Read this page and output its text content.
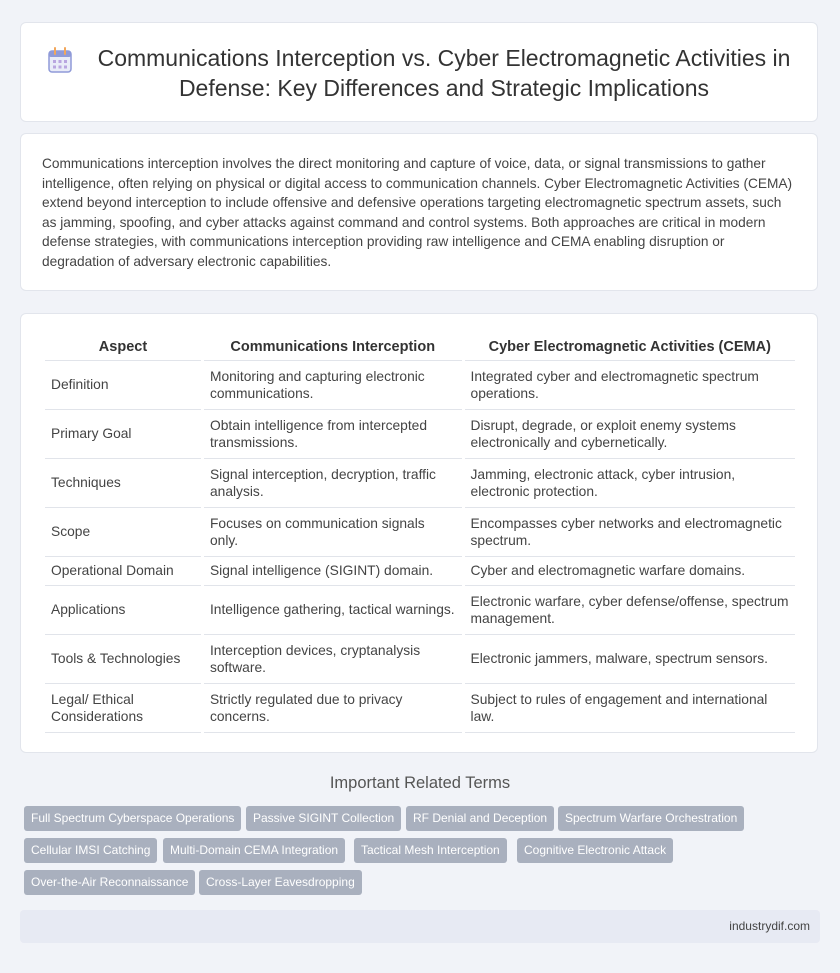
Communications Interception vs. Cyber Electromagnetic Activities in Defense: Key Differences and Strategic Implications

Communications interception involves the direct monitoring and capture of voice, data, or signal transmissions to gather intelligence, often relying on physical or digital access to communication channels. Cyber Electromagnetic Activities (CEMA) extend beyond interception to include offensive and defensive operations targeting electromagnetic spectrum assets, such as jamming, spoofing, and cyber attacks against command and control systems. Both approaches are critical in modern defense strategies, with communications interception providing raw intelligence and CEMA enabling disruption or degradation of adversary electronic capabilities.

Aspect	Communications Interception	Cyber Electromagnetic Activities (CEMA)
Definition	Monitoring and capturing electronic communications.	Integrated cyber and electromagnetic spectrum operations.
Primary Goal	Obtain intelligence from intercepted transmissions.	Disrupt, degrade, or exploit enemy systems electronically and cybernetically.
Techniques	Signal interception, decryption, traffic analysis.	Jamming, electronic attack, cyber intrusion, electronic protection.
Scope	Focuses on communication signals only.	Encompasses cyber networks and electromagnetic spectrum.
Operational Domain	Signal intelligence (SIGINT) domain.	Cyber and electromagnetic warfare domains.
Applications	Intelligence gathering, tactical warnings.	Electronic warfare, cyber defense/offense, spectrum management.
Tools & Technologies	Interception devices, cryptanalysis software.	Electronic jammers, malware, spectrum sensors.
Legal/ Ethical Considerations	Strictly regulated due to privacy concerns.	Subject to rules of engagement and international law.
Important Related Terms
Full Spectrum Cyberspace Operations	Passive SIGINT Collection	RF Denial and Deception	Spectrum Warfare Orchestration
Cellular IMSI Catching	Multi-Domain CEMA Integration	Tactical Mesh Interception	Cognitive Electronic Attack
Over-the-Air Reconnaissance	Cross-Layer Eavesdropping
industrydif.com
